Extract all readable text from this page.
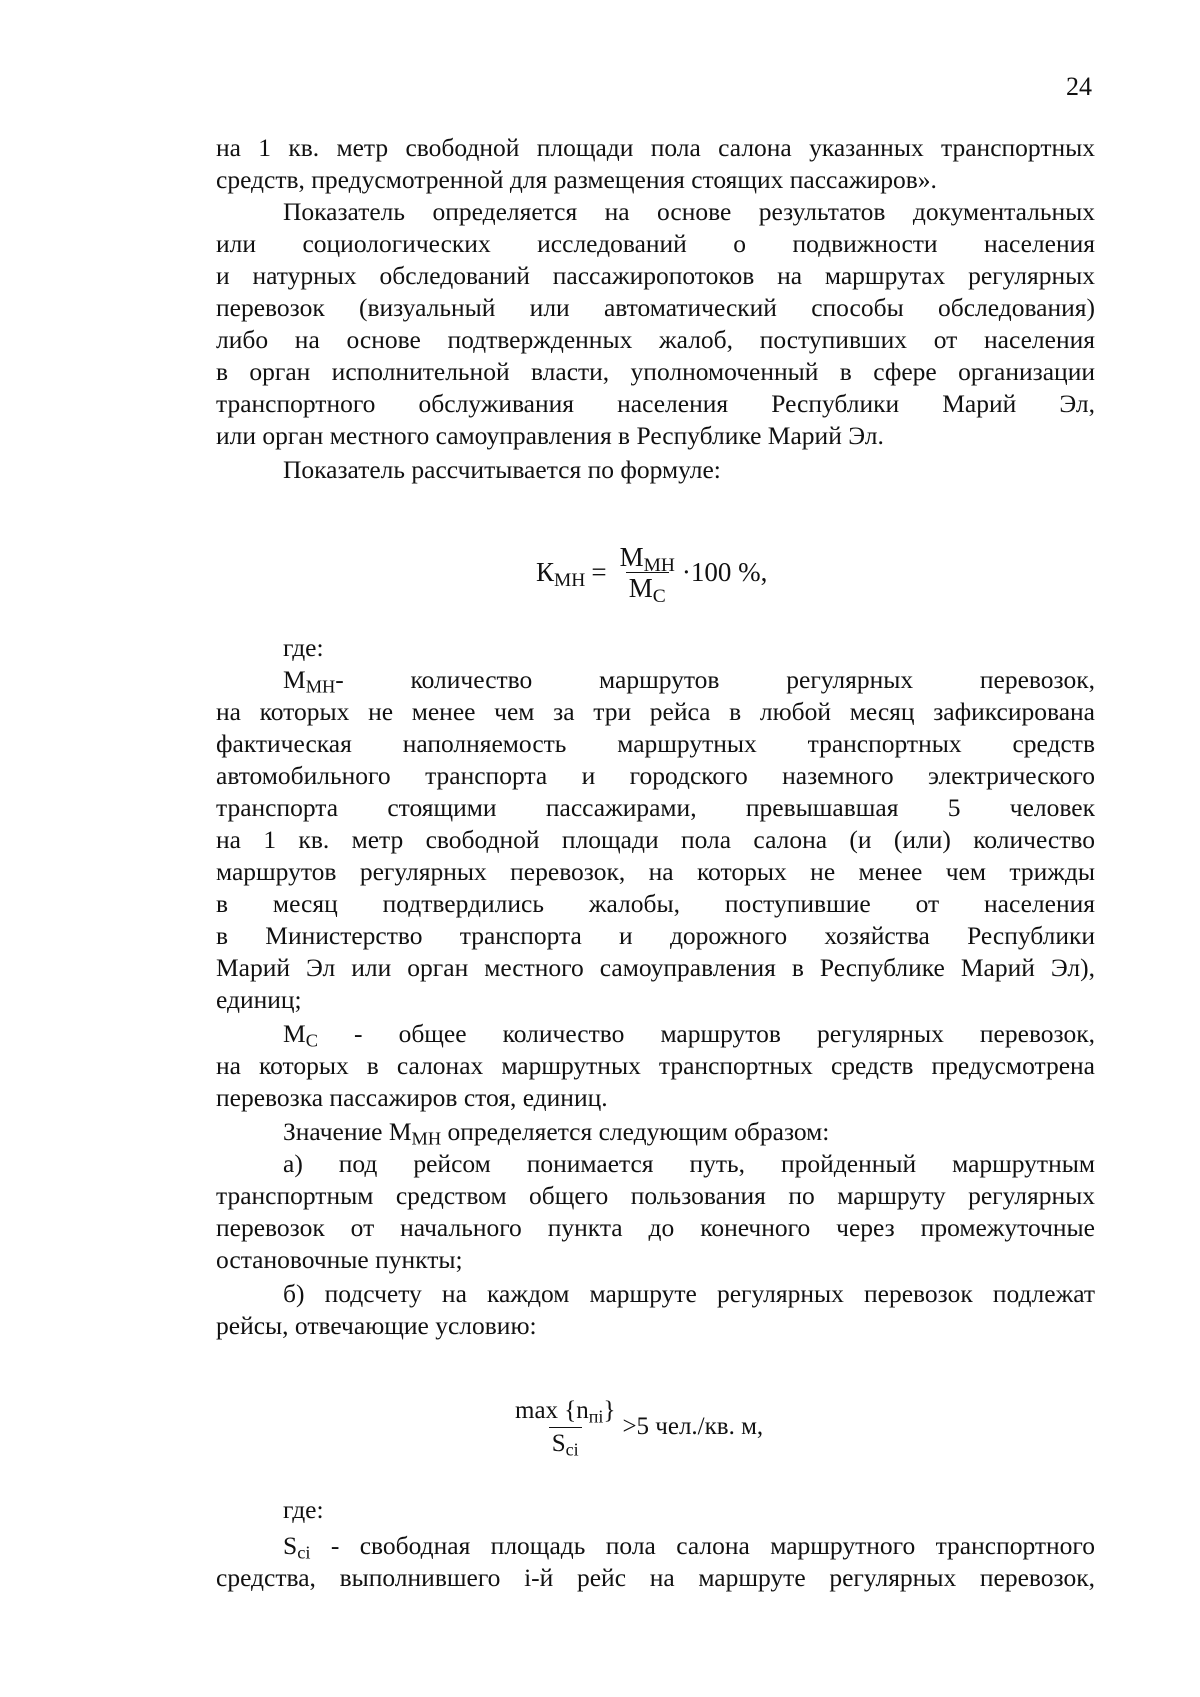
24
на 1 кв. метр свободной площади пола салона указанных транспортных
средств, предусмотренной для размещения стоящих пассажиров».
Показатель определяется на основе результатов документальных
или социологических исследований о подвижности населения
и натурных обследований пассажиропотоков на маршрутах регулярных
перевозок (визуальный или автоматический способы обследования)
либо на основе подтвержденных жалоб, поступивших от населения
в орган исполнительной власти, уполномоченный в сфере организации
транспортного обслуживания населения Республики Марий Эл,
или орган местного самоуправления в Республике Марий Эл.
Показатель рассчитывается по формуле:
$К_{МН} = \frac{М_{МН}}{М_С} \cdot 100$ %,
где:
$М_{МН}-$ количество маршрутов регулярных перевозок,
на которых не менее чем за три рейса в любой месяц зафиксирована
фактическая наполняемость маршрутных транспортных средств
автомобильного транспорта и городского наземного электрического
транспорта стоящими пассажирами, превышавшая 5 человек
на 1 кв. метр свободной площади пола салона (и (или) количество
маршрутов регулярных перевозок, на которых не менее чем трижды
в месяц подтвердились жалобы, поступившие от населения
в Министерство транспорта и дорожного хозяйства Республики
Марий Эл или орган местного самоуправления в Республике Марий Эл),
единиц;
$М_С$ - общее количество маршрутов регулярных перевозок,
на которых в салонах маршрутных транспортных средств предусмотрена
перевозка пассажиров стоя, единиц.
Значение $М_{МН}$ определяется следующим образом:
а) под рейсом понимается путь, пройденный маршрутным
транспортным средством общего пользования по маршруту регулярных
перевозок от начального пункта до конечного через промежуточные
остановочные пункты;
б) подсчету на каждом маршруте регулярных перевозок подлежат
рейсы, отвечающие условию:
$\frac{\max \{n_{пi}\}}{S_{ci}} >5$ чел./кв. м,
где:
$S_{ci}$ - свободная площадь пола салона маршрутного транспортного
средства, выполнившего i-й рейс на маршруте регулярных перевозок,
